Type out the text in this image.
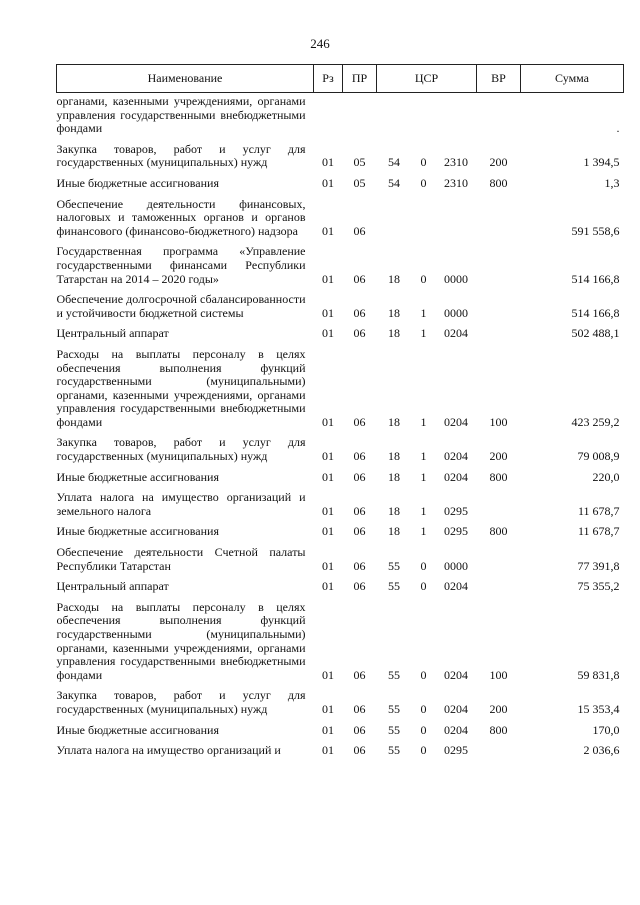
246
Наименование	Рз	ПР	ЦСР			ВР	Сумма
органами, казенными учреждениями, органами управления государственными внебюджетными фондами							.

Закупка товаров, работ и услуг для государственных (муниципальных) нужд	01	05	54	0	2310	200	1 394,5

Иные бюджетные ассигнования	01	05	54	0	2310	800	1,3

Обеспечение деятельности финансовых, налоговых и таможенных органов и органов финансового (финансово-бюджетного) надзора	01	06					591 558,6

Государственная программа «Управление государственными финансами Республики Татарстан на 2014 – 2020 годы»	01	06	18	0	0000		514 166,8

Обеспечение долгосрочной сбалансированности и устойчивости бюджетной системы	01	06	18	1	0000		514 166,8

Центральный аппарат	01	06	18	1	0204		502 488,1

Расходы на выплаты персоналу в целях обеспечения выполнения функций государственными (муниципальными) органами, казенными учреждениями, органами управления государственными внебюджетными фондами	01	06	18	1	0204	100	423 259,2

Закупка товаров, работ и услуг для государственных (муниципальных) нужд	01	06	18	1	0204	200	79 008,9

Иные бюджетные ассигнования	01	06	18	1	0204	800	220,0

Уплата налога на имущество организаций и земельного налога	01	06	18	1	0295		11 678,7

Иные бюджетные ассигнования	01	06	18	1	0295	800	11 678,7

Обеспечение деятельности Счетной палаты Республики Татарстан	01	06	55	0	0000		77 391,8

Центральный аппарат	01	06	55	0	0204		75 355,2

Расходы на выплаты персоналу в целях обеспечения выполнения функций государственными (муниципальными) органами, казенными учреждениями, органами управления государственными внебюджетными фондами	01	06	55	0	0204	100	59 831,8

Закупка товаров, работ и услуг для государственных (муниципальных) нужд	01	06	55	0	0204	200	15 353,4

Иные бюджетные ассигнования	01	06	55	0	0204	800	170,0

Уплата налога на имущество организаций и	01	06	55	0	0295		2 036,6
